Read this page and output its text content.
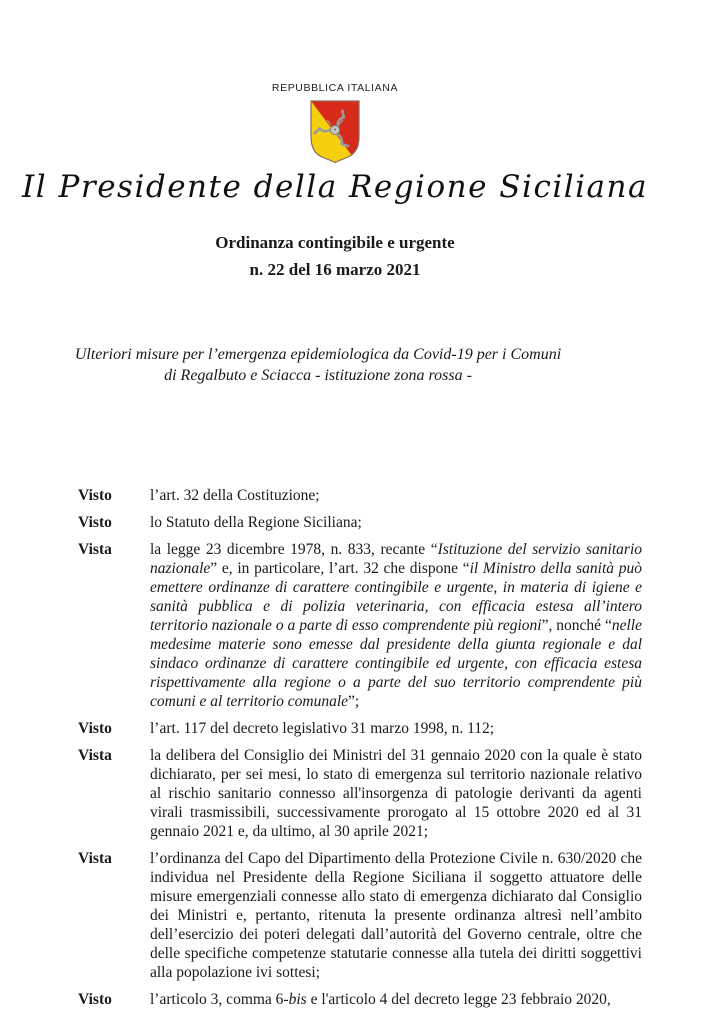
REPUBBLICA ITALIANA
Il Presidente della Regione Siciliana
Ordinanza contingibile e urgente
n. 22 del 16 marzo 2021
Ulteriori misure per l’emergenza epidemiologica da Covid-19 per i Comuni di Regalbuto e Sciacca - istituzione zona rossa -
Visto	l’art. 32 della Costituzione;
Visto	lo Statuto della Regione Siciliana;
Vista	la legge 23 dicembre 1978, n. 833, recante “Istituzione del servizio sanitario nazionale” e, in particolare, l’art. 32 che dispone “il Ministro della sanità può emettere ordinanze di carattere contingibile e urgente, in materia di igiene e sanità pubblica e di polizia veterinaria, con efficacia estesa all’intero territorio nazionale o a parte di esso comprendente più regioni”, nonché “nelle medesime materie sono emesse dal presidente della giunta regionale e dal sindaco ordinanze di carattere contingibile ed urgente, con efficacia estesa rispettivamente alla regione o a parte del suo territorio comprendente più comuni e al territorio comunale”;
Visto	l’art. 117 del decreto legislativo 31 marzo 1998, n. 112;
Vista	la delibera del Consiglio dei Ministri del 31 gennaio 2020 con la quale è stato dichiarato, per sei mesi, lo stato di emergenza sul territorio nazionale relativo al rischio sanitario connesso all'insorgenza di patologie derivanti da agenti virali trasmissibili, successivamente prorogato al 15 ottobre 2020 ed al 31 gennaio 2021 e, da ultimo, al 30 aprile 2021;
Vista	l’ordinanza del Capo del Dipartimento della Protezione Civile n. 630/2020 che individua nel Presidente della Regione Siciliana il soggetto attuatore delle misure emergenziali connesse allo stato di emergenza dichiarato dal Consiglio dei Ministri e, pertanto, ritenuta la presente ordinanza altresì nell’ambito dell’esercizio dei poteri delegati dall’autorità del Governo centrale, oltre che delle specifiche competenze statutarie connesse alla tutela dei diritti soggettivi alla popolazione ivi sottesi;
Visto	l’articolo 3, comma 6-bis e l'articolo 4 del decreto legge 23 febbraio 2020,
